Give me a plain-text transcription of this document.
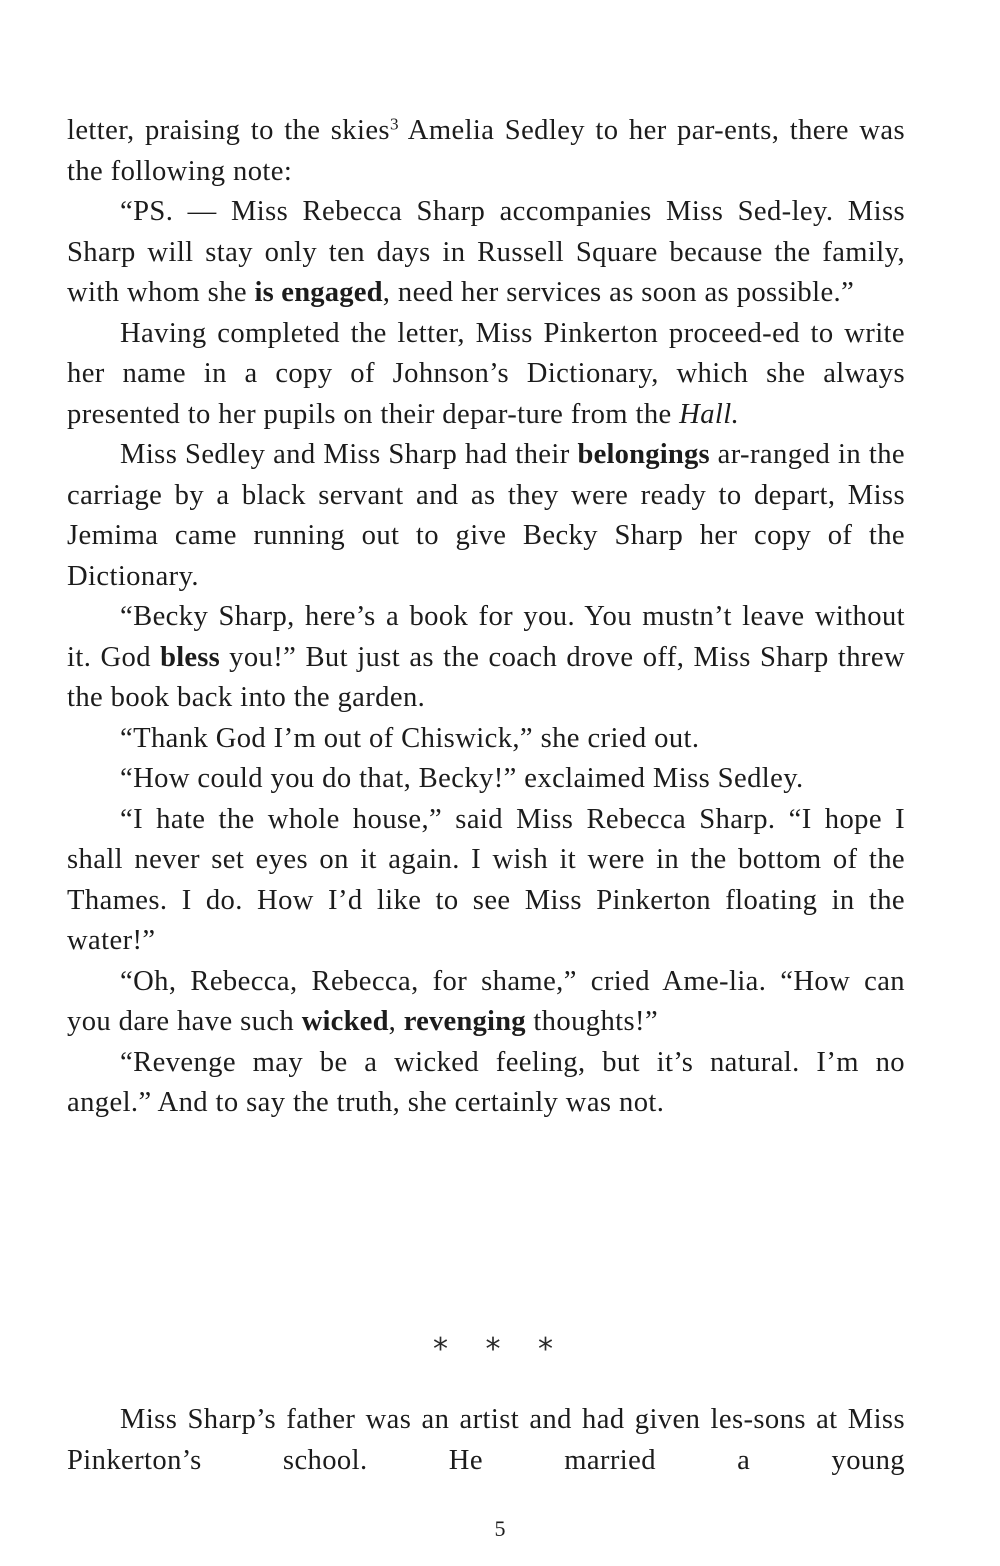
letter, praising to the skies$^3$ Amelia Sedley to her par-ents, there was the following note:

“PS. — Miss Rebecca Sharp accompanies Miss Sed-ley. Miss Sharp will stay only ten days in Russell Square because the family, with whom she is engaged, need her services as soon as possible.”

Having completed the letter, Miss Pinkerton proceed-ed to write her name in a copy of Johnson’s Dictionary, which she always presented to her pupils on their depar-ture from the Hall.

Miss Sedley and Miss Sharp had their belongings ar-ranged in the carriage by a black servant and as they were ready to depart, Miss Jemima came running out to give Becky Sharp her copy of the Dictionary.

“Becky Sharp, here’s a book for you. You mustn’t leave without it. God bless you!” But just as the coach drove off, Miss Sharp threw the book back into the garden.

“Thank God I’m out of Chiswick,” she cried out.

“How could you do that, Becky!” exclaimed Miss Sedley.

“I hate the whole house,” said Miss Rebecca Sharp. “I hope I shall never set eyes on it again. I wish it were in the bottom of the Thames. I do. How I’d like to see Miss Pinkerton floating in the water!”

“Oh, Rebecca, Rebecca, for shame,” cried Ame-lia. “How can you dare have such wicked, revenging thoughts!”

“Revenge may be a wicked feeling, but it’s natural. I’m no angel.” And to say the truth, she certainly was not.

* * *

Miss Sharp’s father was an artist and had given les-sons at Miss Pinkerton’s school. He married a young

5
